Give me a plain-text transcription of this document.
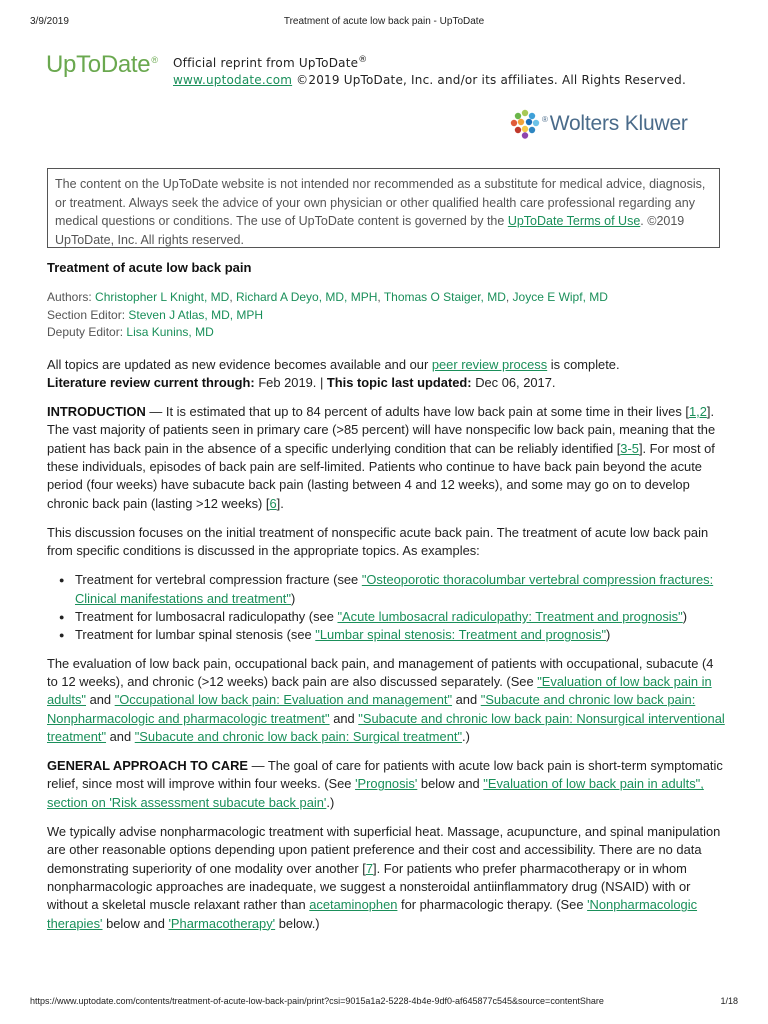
3/9/2019	Treatment of acute low back pain - UpToDate
UpToDate® Official reprint from UpToDate®
www.uptodate.com ©2019 UpToDate, Inc. and/or its affiliates. All Rights Reserved.
®Wolters Kluwer
The content on the UpToDate website is not intended nor recommended as a substitute for medical advice, diagnosis, or treatment. Always seek the advice of your own physician or other qualified health care professional regarding any medical questions or conditions. The use of UpToDate content is governed by the UpToDate Terms of Use. ©2019 UpToDate, Inc. All rights reserved.
Treatment of acute low back pain
Authors: Christopher L Knight, MD, Richard A Deyo, MD, MPH, Thomas O Staiger, MD, Joyce E Wipf, MD
Section Editor: Steven J Atlas, MD, MPH
Deputy Editor: Lisa Kunins, MD

All topics are updated as new evidence becomes available and our peer review process is complete.
Literature review current through: Feb 2019. | This topic last updated: Dec 06, 2017.

INTRODUCTION — It is estimated that up to 84 percent of adults have low back pain at some time in their lives [1,2]. The vast majority of patients seen in primary care (>85 percent) will have nonspecific low back pain, meaning that the patient has back pain in the absence of a specific underlying condition that can be reliably identified [3-5]. For most of these individuals, episodes of back pain are self-limited. Patients who continue to have back pain beyond the acute period (four weeks) have subacute back pain (lasting between 4 and 12 weeks), and some may go on to develop chronic back pain (lasting >12 weeks) [6].

This discussion focuses on the initial treatment of nonspecific acute back pain. The treatment of acute low back pain from specific conditions is discussed in the appropriate topics. As examples:

● Treatment for vertebral compression fracture (see "Osteoporotic thoracolumbar vertebral compression fractures: Clinical manifestations and treatment")
● Treatment for lumbosacral radiculopathy (see "Acute lumbosacral radiculopathy: Treatment and prognosis")
● Treatment for lumbar spinal stenosis (see "Lumbar spinal stenosis: Treatment and prognosis")

The evaluation of low back pain, occupational back pain, and management of patients with occupational, subacute (4 to 12 weeks), and chronic (>12 weeks) back pain are also discussed separately. (See "Evaluation of low back pain in adults" and "Occupational low back pain: Evaluation and management" and "Subacute and chronic low back pain: Nonpharmacologic and pharmacologic treatment" and "Subacute and chronic low back pain: Nonsurgical interventional treatment" and "Subacute and chronic low back pain: Surgical treatment".)

GENERAL APPROACH TO CARE — The goal of care for patients with acute low back pain is short-term symptomatic relief, since most will improve within four weeks. (See 'Prognosis' below and "Evaluation of low back pain in adults", section on 'Risk assessment subacute back pain'.)

We typically advise nonpharmacologic treatment with superficial heat. Massage, acupuncture, and spinal manipulation are other reasonable options depending upon patient preference and their cost and accessibility. There are no data demonstrating superiority of one modality over another [7]. For patients who prefer pharmacotherapy or in whom nonpharmacologic approaches are inadequate, we suggest a nonsteroidal antiinflammatory drug (NSAID) with or without a skeletal muscle relaxant rather than acetaminophen for pharmacologic therapy. (See 'Nonpharmacologic therapies' below and 'Pharmacotherapy' below.)

https://www.uptodate.com/contents/treatment-of-acute-low-back-pain/print?csi=9015a1a2-5228-4b4e-9df0-af645877c545&source=contentShare	1/18
